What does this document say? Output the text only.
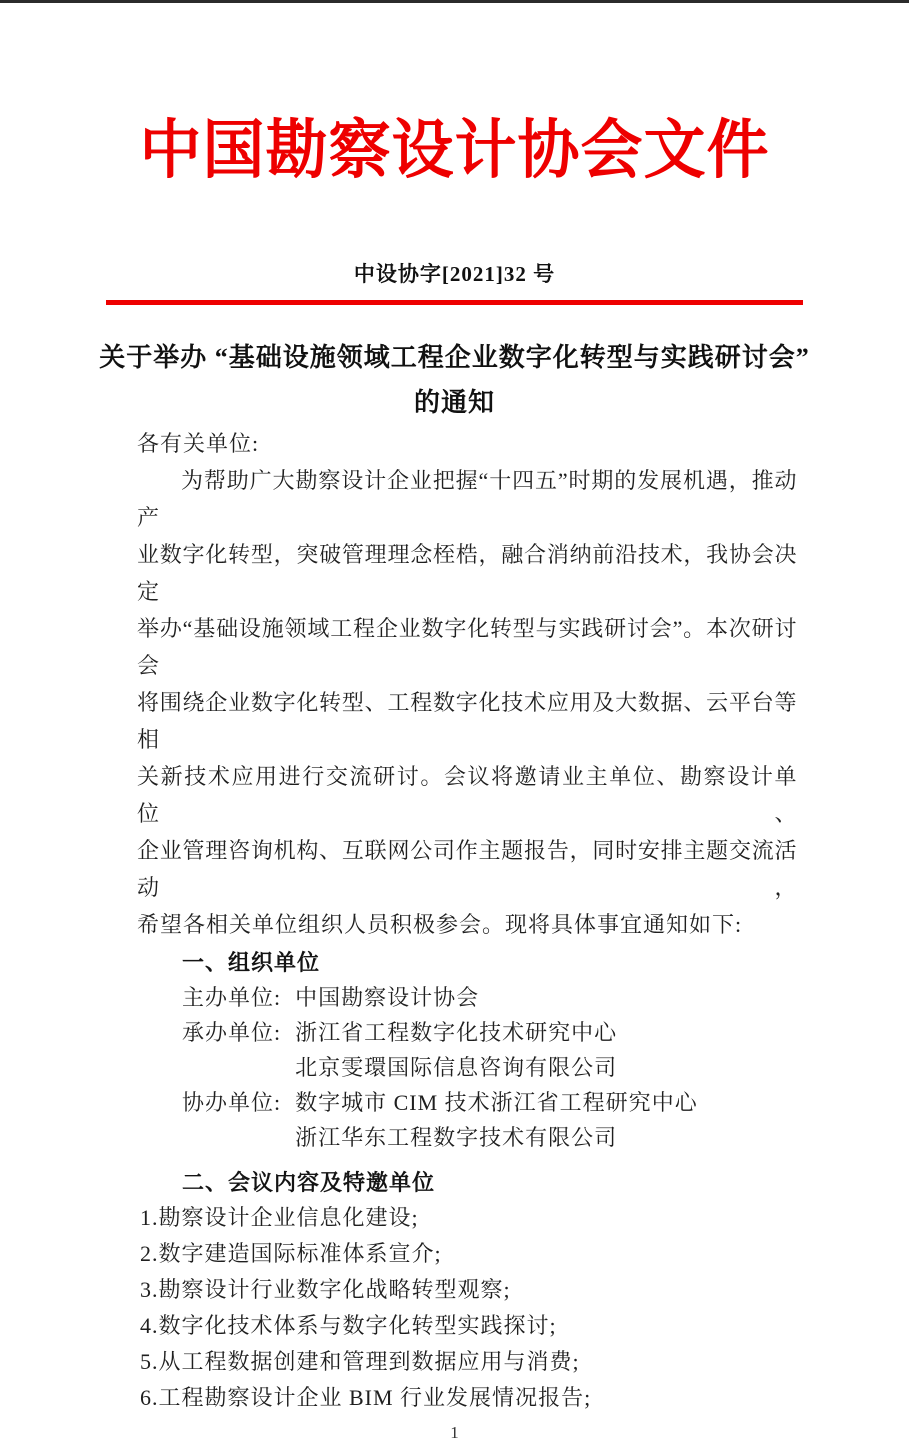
中国勘察设计协会文件
中设协字[2021]32 号
关于举办 “基础设施领域工程企业数字化转型与实践研讨会”
的通知
各有关单位:
为帮助广大勘察设计企业把握“十四五”时期的发展机遇，推动产
业数字化转型，突破管理理念桎梏，融合消纳前沿技术，我协会决定
举办“基础设施领域工程企业数字化转型与实践研讨会”。本次研讨会
将围绕企业数字化转型、工程数字化技术应用及大数据、云平台等相
关新技术应用进行交流研讨。会议将邀请业主单位、勘察设计单位、
企业管理咨询机构、互联网公司作主题报告，同时安排主题交流活动，
希望各相关单位组织人员积极参会。现将具体事宜通知如下:
一、组织单位
主办单位: 中国勘察设计协会
承办单位: 浙江省工程数字化技术研究中心
北京雯環国际信息咨询有限公司
协办单位: 数字城市 CIM 技术浙江省工程研究中心
浙江华东工程数字技术有限公司
二、会议内容及特邀单位
1.勘察设计企业信息化建设;
2.数字建造国际标准体系宣介;
3.勘察设计行业数字化战略转型观察;
4.数字化技术体系与数字化转型实践探讨;
5.从工程数据创建和管理到数据应用与消费;
6.工程勘察设计企业 BIM 行业发展情况报告;
1
